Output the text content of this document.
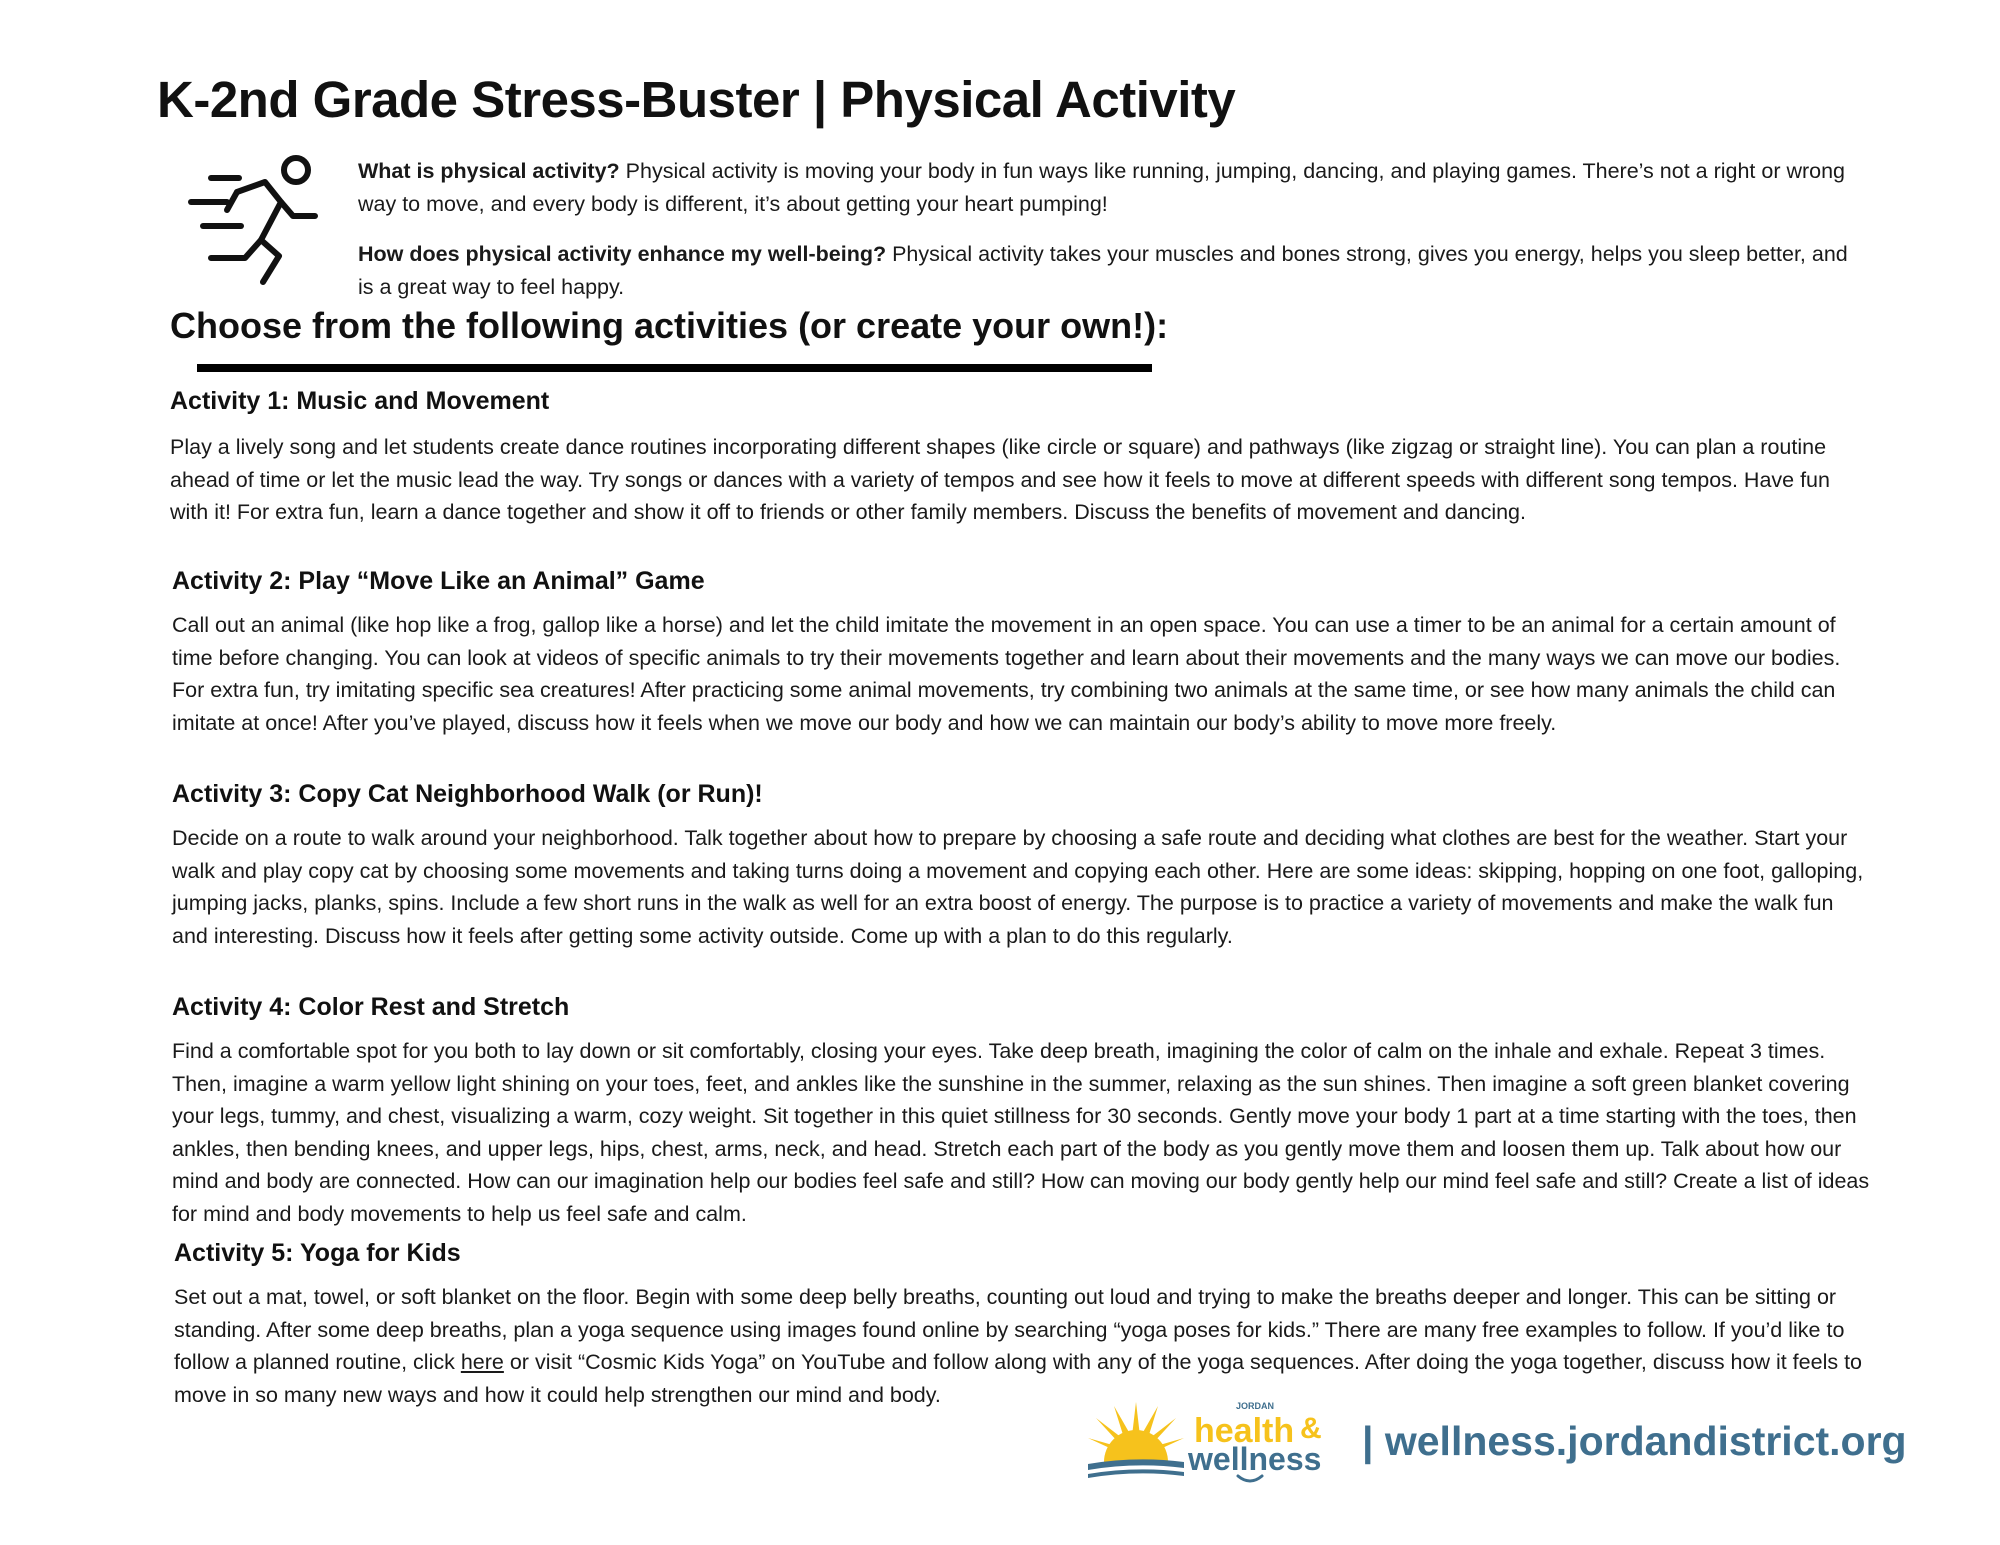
K-2nd Grade Stress-Buster | Physical Activity

What is physical activity? Physical activity is moving your body in fun ways like running, jumping, dancing, and playing games. There’s not a right or wrong way to move, and every body is different, it’s about getting your heart pumping!

How does physical activity enhance my well-being? Physical activity takes your muscles and bones strong, gives you energy, helps you sleep better, and is a great way to feel happy.

Choose from the following activities (or create your own!):
Activity 1: Music and Movement

Play a lively song and let students create dance routines incorporating different shapes (like circle or square) and pathways (like zigzag or straight line). You can plan a routine ahead of time or let the music lead the way. Try songs or dances with a variety of tempos and see how it feels to move at different speeds with different song tempos. Have fun with it! For extra fun, learn a dance together and show it off to friends or other family members. Discuss the benefits of movement and dancing.

Activity 2: Play “Move Like an Animal” Game

Call out an animal (like hop like a frog, gallop like a horse) and let the child imitate the movement in an open space. You can use a timer to be an animal for a certain amount of time before changing. You can look at videos of specific animals to try their movements together and learn about their movements and the many ways we can move our bodies. For extra fun, try imitating specific sea creatures! After practicing some animal movements, try combining two animals at the same time, or see how many animals the child can imitate at once! After you’ve played, discuss how it feels when we move our body and how we can maintain our body’s ability to move more freely.

Activity 3: Copy Cat Neighborhood Walk (or Run)!

Decide on a route to walk around your neighborhood. Talk together about how to prepare by choosing a safe route and deciding what clothes are best for the weather. Start your walk and play copy cat by choosing some movements and taking turns doing a movement and copying each other. Here are some ideas: skipping, hopping on one foot, galloping, jumping jacks, planks, spins. Include a few short runs in the walk as well for an extra boost of energy. The purpose is to practice a variety of movements and make the walk fun and interesting. Discuss how it feels after getting some activity outside. Come up with a plan to do this regularly.

Activity 4: Color Rest and Stretch

Find a comfortable spot for you both to lay down or sit comfortably, closing your eyes. Take deep breath, imagining the color of calm on the inhale and exhale. Repeat 3 times. Then, imagine a warm yellow light shining on your toes, feet, and ankles like the sunshine in the summer, relaxing as the sun shines. Then imagine a soft green blanket covering your legs, tummy, and chest, visualizing a warm, cozy weight. Sit together in this quiet stillness for 30 seconds. Gently move your body 1 part at a time starting with the toes, then ankles, then bending knees, and upper legs, hips, chest, arms, neck, and head. Stretch each part of the body as you gently move them and loosen them up. Talk about how our mind and body are connected. How can our imagination help our bodies feel safe and still? How can moving our body gently help our mind feel safe and still? Create a list of ideas for mind and body movements to help us feel safe and calm.

Activity 5: Yoga for Kids

Set out a mat, towel, or soft blanket on the floor. Begin with some deep belly breaths, counting out loud and trying to make the breaths deeper and longer. This can be sitting or standing. After some deep breaths, plan a yoga sequence using images found online by searching “yoga poses for kids.” There are many free examples to follow. If you’d like to follow a planned routine, click here or visit “Cosmic Kids Yoga” on YouTube and follow along with any of the yoga sequences. After doing the yoga together, discuss how it feels to move in so many new ways and how it could help strengthen our mind and body.	JORDAN
health &
wellness | wellness.jordandistrict.org
